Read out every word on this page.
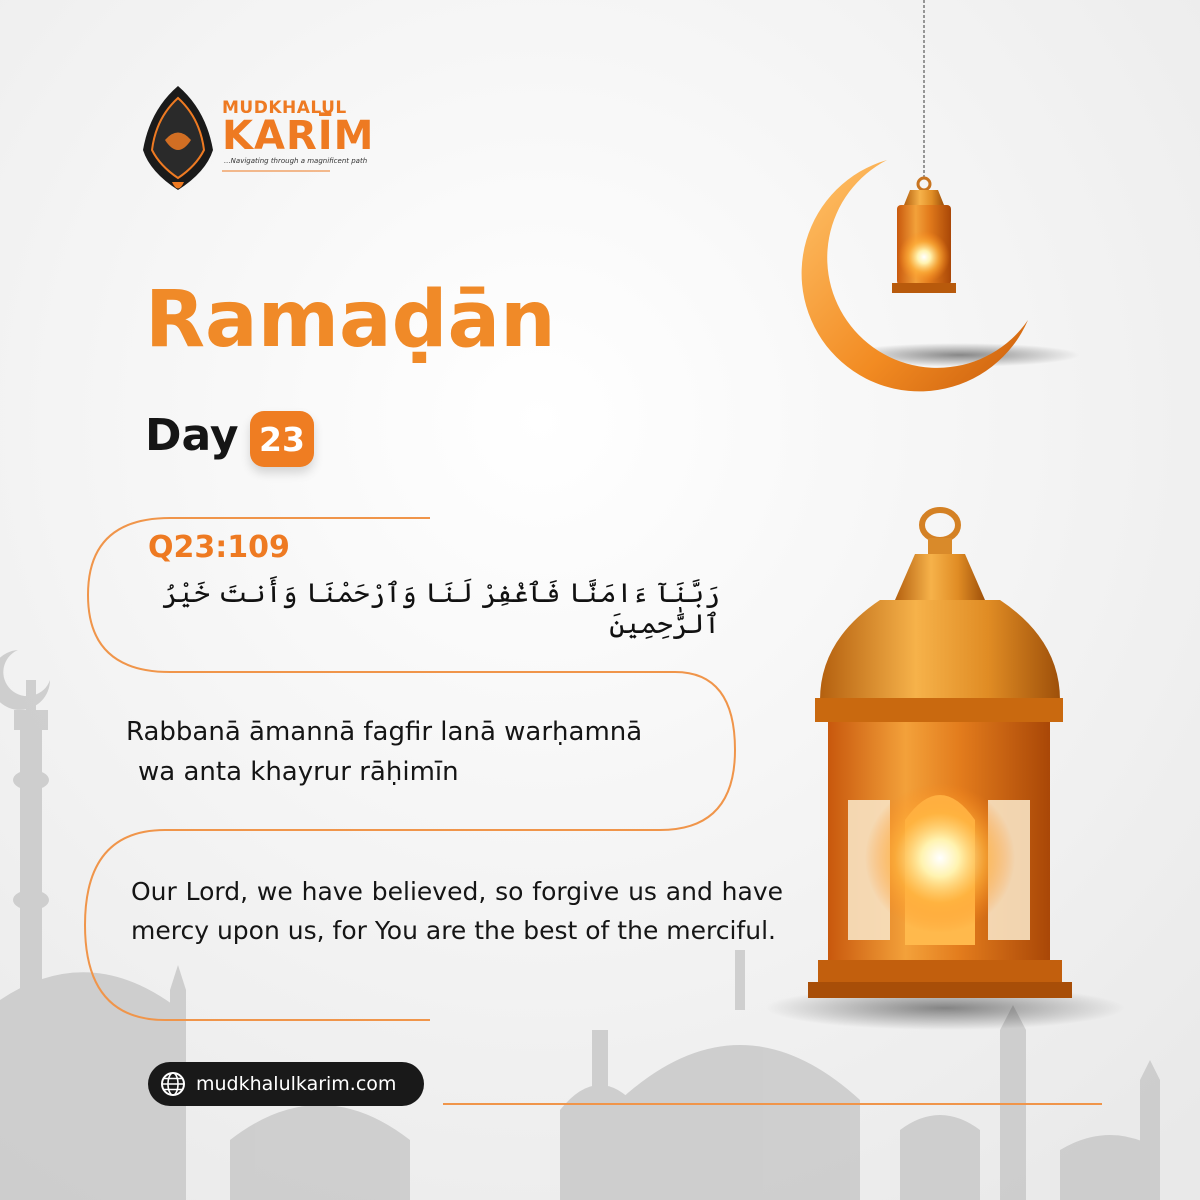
MUDKHALUL
KARĪM
...Navigating through a magnificent path
Ramaḍān
Day 23
Q23:109
رَبَّنَآ ءَامَنَّا فَٱغْفِرْ لَنَا وَٱرْحَمْنَا وَأَنتَ خَيْرُ ٱلرَّٰحِمِينَ
Rabbanā āmannā fagfir lanā warḥamnā
wa anta khayrur rāḥimīn
Our Lord, we have believed, so forgive us and have mercy upon us, for You are the best of the merciful.
mudkhalulkarim.com
